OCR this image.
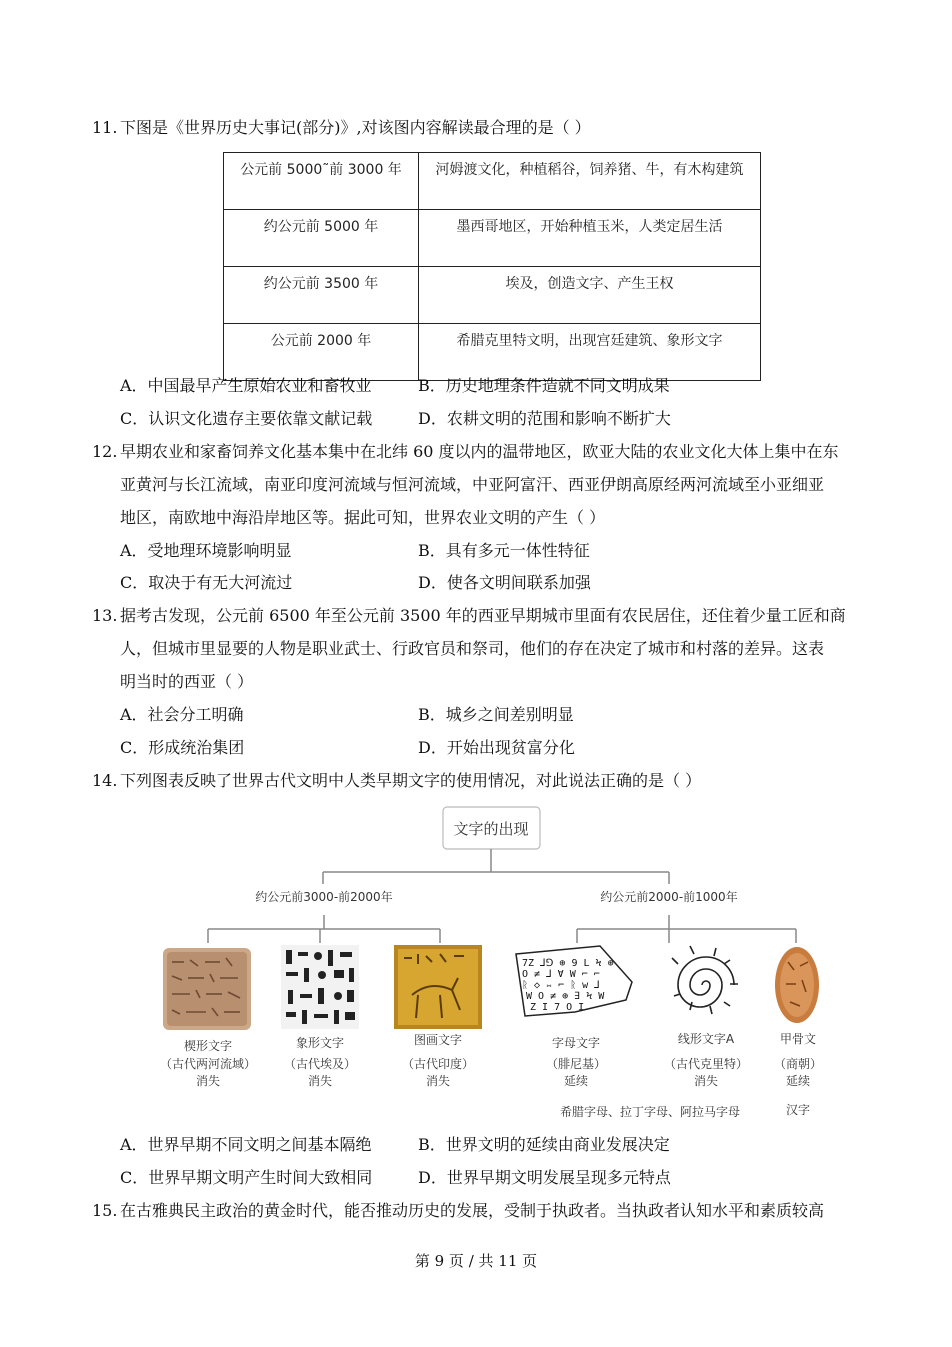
11. 下图是《世界历史大事记(部分)》,对该图内容解读最合理的是（ ）
公元前 5000˜前 3000 年	河姆渡文化，种植稻谷，饲养猪、牛，有木构建筑
约公元前 5000 年	墨西哥地区，开始种植玉米，人类定居生活
约公元前 3500 年	埃及，创造文字、产生王权
公元前 2000 年	希腊克里特文明，出现宫廷建筑、象形文字
A．中国最早产生原始农业和畜牧业	B．历史地理条件造就不同文明成果
C．认识文化遗存主要依靠文献记载	D．农耕文明的范围和影响不断扩大
12. 早期农业和家畜饲养文化基本集中在北纬 60 度以内的温带地区，欧亚大陆的农业文化大体上集中在东
亚黄河与长江流域，南亚印度河流域与恒河流域，中亚阿富汗、西亚伊朗高原经两河流域至小亚细亚
地区，南欧地中海沿岸地区等。据此可知，世界农业文明的产生（ ）
A．受地理环境影响明显	B．具有多元一体性特征
C．取决于有无大河流过	D．使各文明间联系加强
13. 据考古发现，公元前 6500 年至公元前 3500 年的西亚早期城市里面有农民居住，还住着少量工匠和商
人，但城市里显要的人物是职业武士、行政官员和祭司，他们的存在决定了城市和村落的差异。这表
明当时的西亚（ ）
A．社会分工明确	B．城乡之间差别明显
C．形成统治集团	D．开始出现贫富分化
14. 下列图表反映了世界古代文明中人类早期文字的使用情况，对此说法正确的是（ ）
文字的出现
约公元前3000-前2000年	约公元前2000-前1000年
7Z ⅃⅁ ⊕ 9 L Ϟ ⊕
O ≠ ⅃ Ɐ W ⌐ ⌐
ᚱ ◇ ⋈ ⌐ ᚱ w ⅃
W O ≠ ⊕ ∃ Ϟ W
Z I 7 O I
楔形文字
（古代两河流域）
消失
象形文字
（古代埃及）
消失
图画文字
（古代印度）
消失
字母文字
（腓尼基）
延续
线形文字A
（古代克里特）
消失
甲骨文
（商朝）
延续
希腊字母、拉丁字母、阿拉马字母	汉字
A．世界早期不同文明之间基本隔绝	B．世界文明的延续由商业发展决定
C．世界早期文明产生时间大致相同	D．世界早期文明发展呈现多元特点
15. 在古雅典民主政治的黄金时代，能否推动历史的发展，受制于执政者。当执政者认知水平和素质较高
第 9 页 / 共 11 页
